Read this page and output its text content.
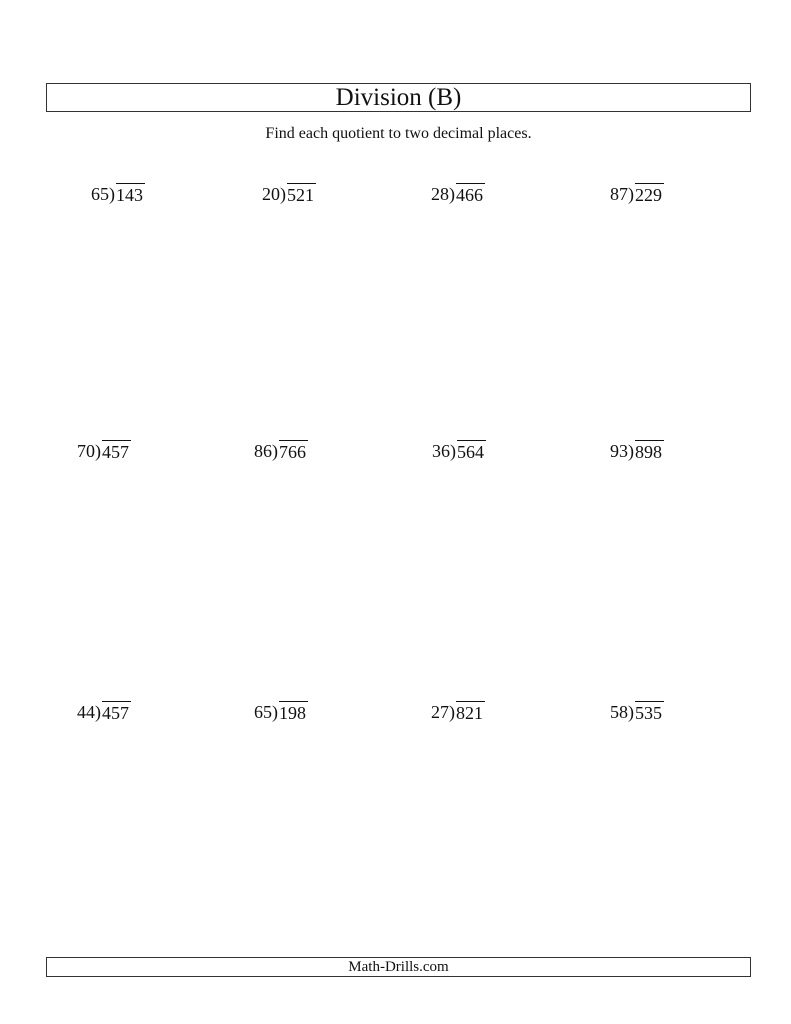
Division (B)
Find each quotient to two decimal places.
65 ) 143	20 ) 521	28 ) 466	87 ) 229
70 ) 457	86 ) 766	36 ) 564	93 ) 898
44 ) 457	65 ) 198	27 ) 821	58 ) 535
Math-Drills.com
